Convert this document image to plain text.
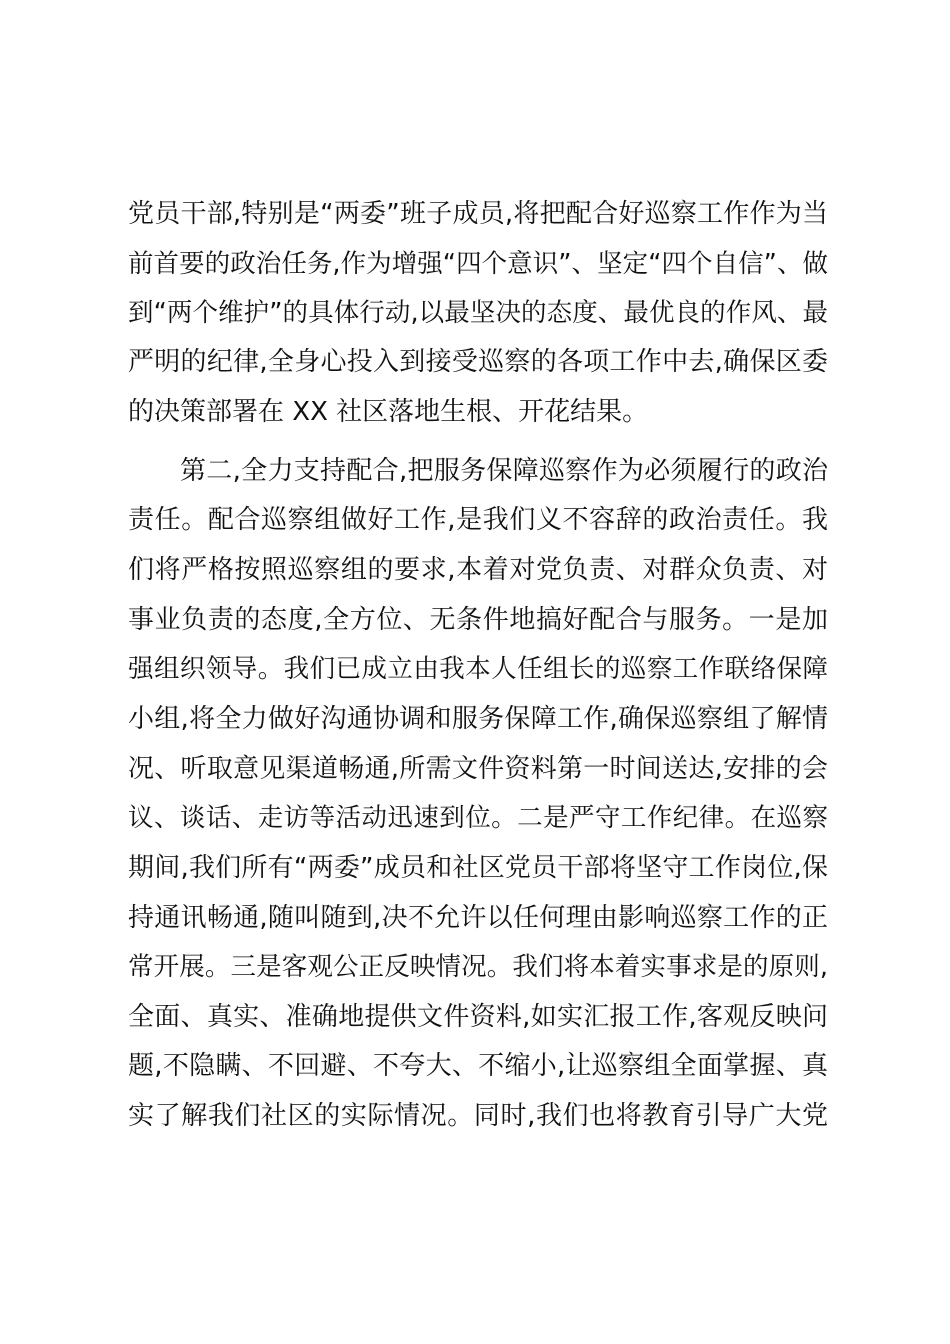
党员干部,特别是“两委”班子成员,将把配合好巡察工作作为当
前首要的政治任务,作为增强“四个意识”、坚定“四个自信”、做
到“两个维护”的具体行动,以最坚决的态度、最优良的作风、最
严明的纪律,全身心投入到接受巡察的各项工作中去,确保区委
的决策部署在 XX 社区落地生根、开花结果。
第二,全力支持配合,把服务保障巡察作为必须履行的政治
责任。配合巡察组做好工作,是我们义不容辞的政治责任。我
们将严格按照巡察组的要求,本着对党负责、对群众负责、对
事业负责的态度,全方位、无条件地搞好配合与服务。一是加
强组织领导。我们已成立由我本人任组长的巡察工作联络保障
小组,将全力做好沟通协调和服务保障工作,确保巡察组了解情
况、听取意见渠道畅通,所需文件资料第一时间送达,安排的会
议、谈话、走访等活动迅速到位。二是严守工作纪律。在巡察
期间,我们所有“两委”成员和社区党员干部将坚守工作岗位,保
持通讯畅通,随叫随到,决不允许以任何理由影响巡察工作的正
常开展。三是客观公正反映情况。我们将本着实事求是的原则,
全面、真实、准确地提供文件资料,如实汇报工作,客观反映问
题,不隐瞒、不回避、不夸大、不缩小,让巡察组全面掌握、真
实了解我们社区的实际情况。同时,我们也将教育引导广大党
